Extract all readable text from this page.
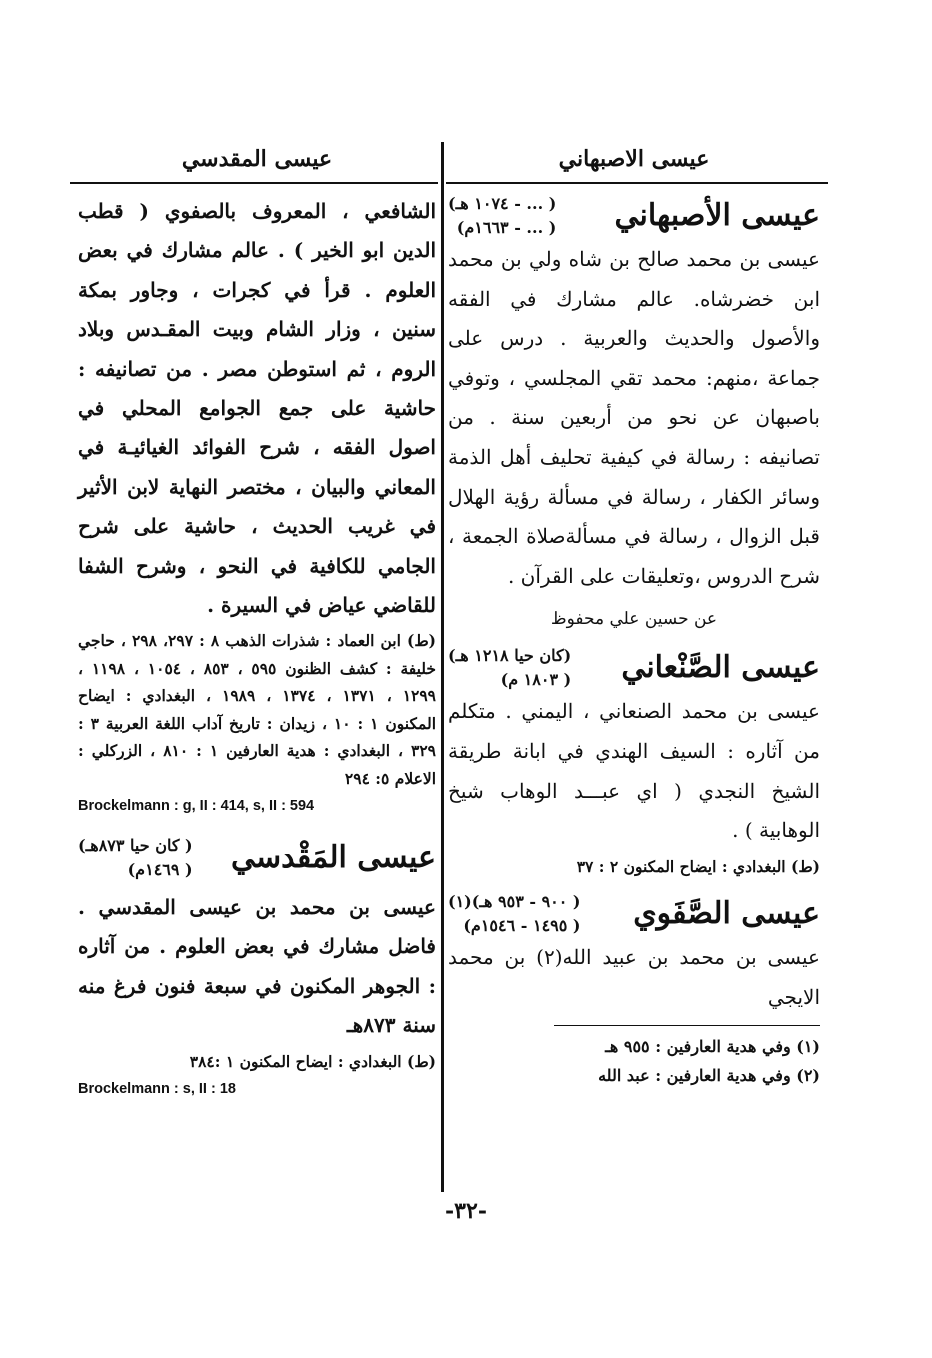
عيسى الاصبهاني
عيسى الأصبهاني
( ... - ١٠٧٤ هـ)
( ... - ١٦٦٣م)

عيسى بن محمد صالح بن شاه ولي بن محمد ابن خضرشاه. عالم مشارك في الفقه والأصول والحديث والعربية . درس على جماعة ،منهم: محمد تقي المجلسي ، وتوفي باصبهان عن نحو من أربعين سنة . من تصانيفه : رسالة في كيفية تحليف أهل الذمة وسائر الكفار ، رسالة في مسألة رؤية الهلال قبل الزوال ، رسالة في مسألةصلاة الجمعة ، شرح الدروس ،وتعليقات على القرآن .

عن حسين علي محفوظ
عيسى الصَّنْعاني
(كان حيا ١٢١٨ هـ)
( ١٨٠٣ م)

عيسى بن محمد الصنعاني ، اليمني . متكلم من آثاره : السيف الهندي في ابانة طريقة الشيخ النجدي ( اي عبـــد الوهاب شيخ الوهابية ) .

(ط) البغدادي : ايضاح المكنون ٢ : ٣٧

عيسى الصَّفَوي
( ٩٠٠ - ٩٥٣ هـ)(١)
( ١٤٩٥ - ١٥٤٦م)

عيسى بن محمد بن عبيد الله(٢) بن محمد الايجي

(١) وفي هدية العارفين : ٩٥٥ هـ
(٢) وفي هدية العارفين : عبد الله
عيسى المقدسي

الشافعي ، المعروف بالصفوي ( قطب الدين ابو الخير ) . عالم مشارك في بعض العلوم . قرأ في كجرات ، وجاور بمكة سنين ، وزار الشام وبيت المقـدس وبلاد الروم ، ثم استوطن مصر . من تصانيفه : حاشية على جمع الجوامع المحلي في اصول الفقه ، شرح الفوائد الغيائيـة في المعاني والبيان ، مختصر النهاية لابن الأثير في غريب الحديث ، حاشية على شرح الجامي للكافية في النحو ، وشرح الشفا للقاضي عياض في السيرة .

(ط) ابن العماد : شذرات الذهب ٨ : ٢٩٧، ٢٩٨ ، حاجي خليفة : كشف الظنون ٥٩٥ ، ٨٥٣ ، ١٠٥٤ ، ١١٩٨ ، ١٢٩٩ ، ١٣٧١ ، ١٣٧٤ ، ١٩٨٩ ، البغدادي : ايضاح المكنون ١ : ١٠ ، زيدان : تاريخ آداب اللغة العربية ٣ : ٣٢٩ ، البغدادي : هدية العارفين ١ : ٨١٠ ، الزركلي : الاعلام ٥: ٢٩٤

Brockelmann : g, II : 414, s, II : 594
عيسى المَقْدسي
( كان حيا ٨٧٣هـ)
( ١٤٦٩م)

عيسى بن محمد بن عيسى المقدسي . فاضل مشارك في بعض العلوم . من آثاره : الجوهر المكنون في سبعة فنون فرغ منه سنة ٨٧٣هـ

(ط) البغدادي : ايضاح المكنون ١ :٣٨٤

Brockelmann : s, II : 18
-٣٢-
